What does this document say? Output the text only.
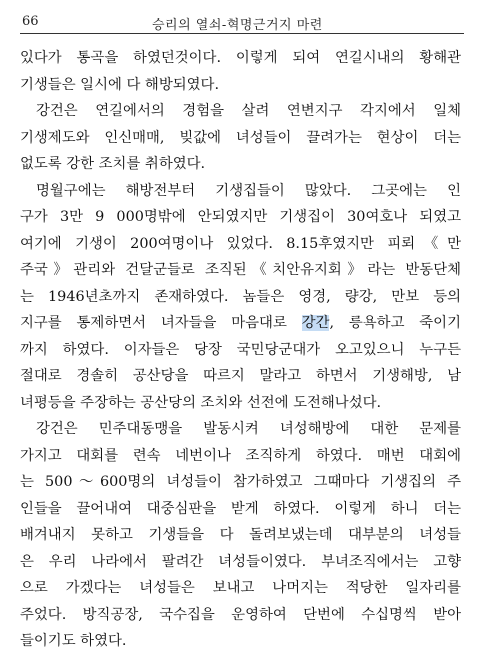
66	승리의 열쇠-혁명근거지 마련
있다가 통곡을 하였던것이다. 이렇게 되여 연길시내의 황해관
기생들은 일시에 다 해방되였다.
강건은 연길에서의 경험을 살려 연변지구 각지에서 일체
기생제도와 인신매매, 빚값에 녀성들이 끌려가는 현상이 더는
없도록 강한 조치를 취하였다.
명월구에는 해방전부터 기생집들이 많았다. 그곳에는 인
구가 3만 9 000명밖에 안되였지만 기생집이 30여호나 되였고
여기에 기생이 200여명이나 있었다. 8.15후였지만 피뢰《만
주국》관리와 건달군들로 조직된《치안유지회》라는 반동단체
는 1946년초까지 존재하였다. 놈들은 영경, 량강, 만보 등의
지구를 통제하면서 녀자들을 마음대로 강간, 릉욕하고 죽이기
까지 하였다. 이자들은 당장 국민당군대가 오고있으니 누구든
절대로 경솔히 공산당을 따르지 말라고 하면서 기생해방, 남
녀평등을 주장하는 공산당의 조치와 선전에 도전해나섰다.
강건은 민주대동맹을 발동시켜 녀성해방에 대한 문제를
가지고 대회를 련속 네번이나 조직하게 하였다. 매번 대회에
는 500～600명의 녀성들이 참가하였고 그때마다 기생집의 주
인들을 끌어내여 대중심판을 받게 하였다. 이렇게 하니 더는
배겨내지 못하고 기생들을 다 돌려보냈는데 대부분의 녀성들
은 우리 나라에서 팔려간 녀성들이였다. 부녀조직에서는 고향
으로 가겠다는 녀성들은 보내고 나머지는 적당한 일자리를
주었다. 방직공장, 국수집을 운영하여 단번에 수십명씩 받아
들이기도 하였다.
